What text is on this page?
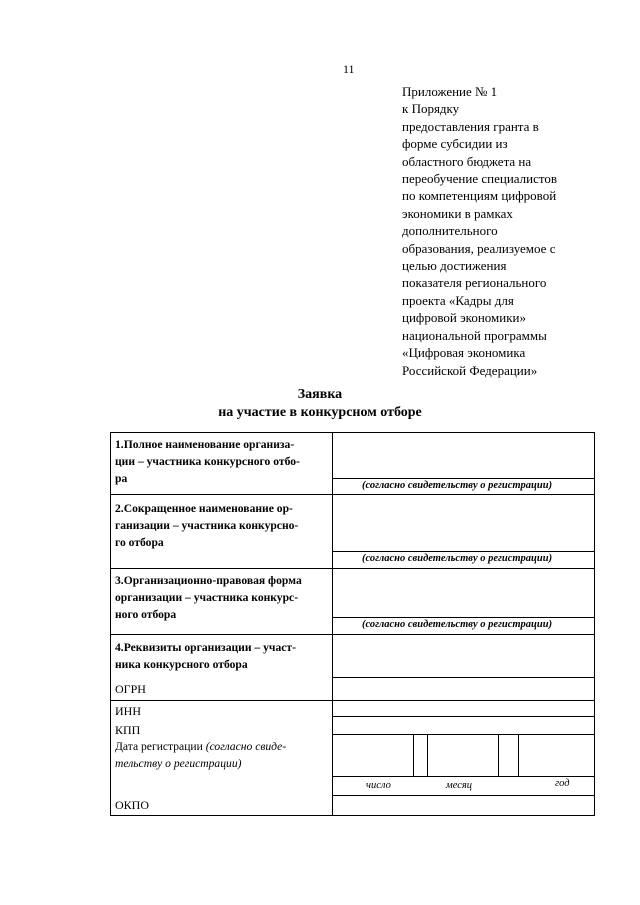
11
Приложение № 1
к Порядку
предоставления гранта в
форме субсидии из
областного бюджета на
переобучение специалистов
по компетенциям цифровой
экономики в рамках
дополнительного
образования, реализуемое с
целью достижения
показателя регионального
проекта «Кадры для
цифровой экономики»
национальной программы
«Цифровая экономика
Российской Федерации»
Заявка
на участие в конкурсном отборе
1.Полное наименование организа-
ции – участника конкурсного отбо-
ра
(согласно свидетельству о регистрации)
2.Сокращенное наименование ор-
ганизации – участника конкурсно-
го отбора
(согласно свидетельству о регистрации)
3.Организационно-правовая форма
организации – участника конкурс-
ного отбора
(согласно свидетельству о регистрации)
4.Реквизиты организации – участ-
ника конкурсного отбора
ОГРН
ИНН
КПП
Дата регистрации (согласно свиде-
тельству о регистрации)
число	месяц	год
ОКПО
